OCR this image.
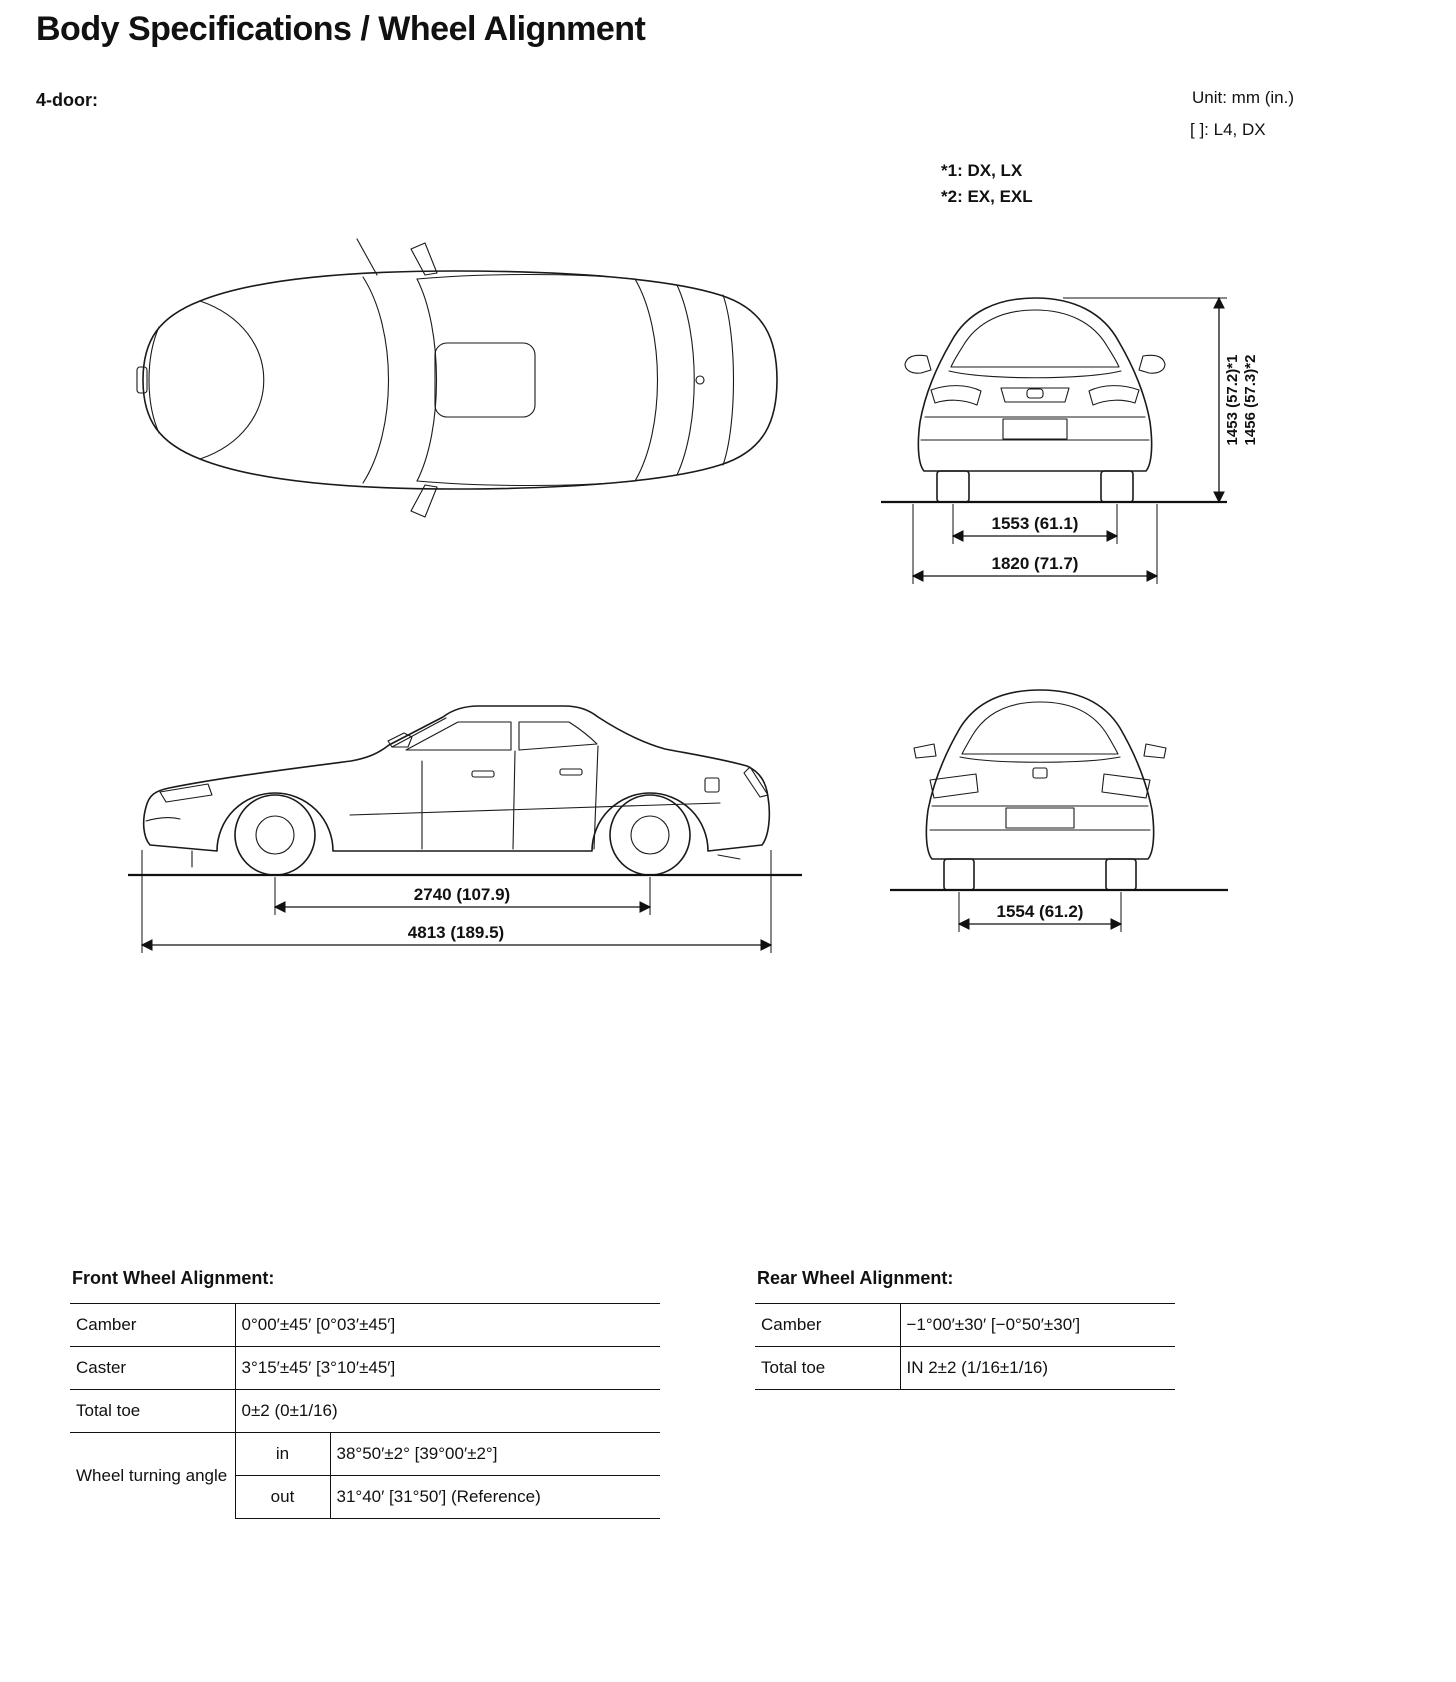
Body Specifications / Wheel Alignment
4-door:	Unit: mm (in.)
[ ]: L4, DX
*1: DX, LX
*2: EX, EXL
1453 (57.2)*1 1456 (57.3)*2
1553 (61.1)
1820 (71.7)
2740 (107.9)
4813 (189.5)
1554 (61.2)
Front Wheel Alignment:
Camber	0°00′±45′ [0°03′±45′]	
Caster	3°15′±45′ [3°10′±45′]	
Total toe	0±2 (0±1/16)	
Wheel turning angle	in	38°50′±2° [39°00′±2°]
	out	31°40′ [31°50′] (Reference)
Rear Wheel Alignment:
Camber	−1°00′±30′ [−0°50′±30′]
Total toe	IN 2±2 (1/16±1/16)
